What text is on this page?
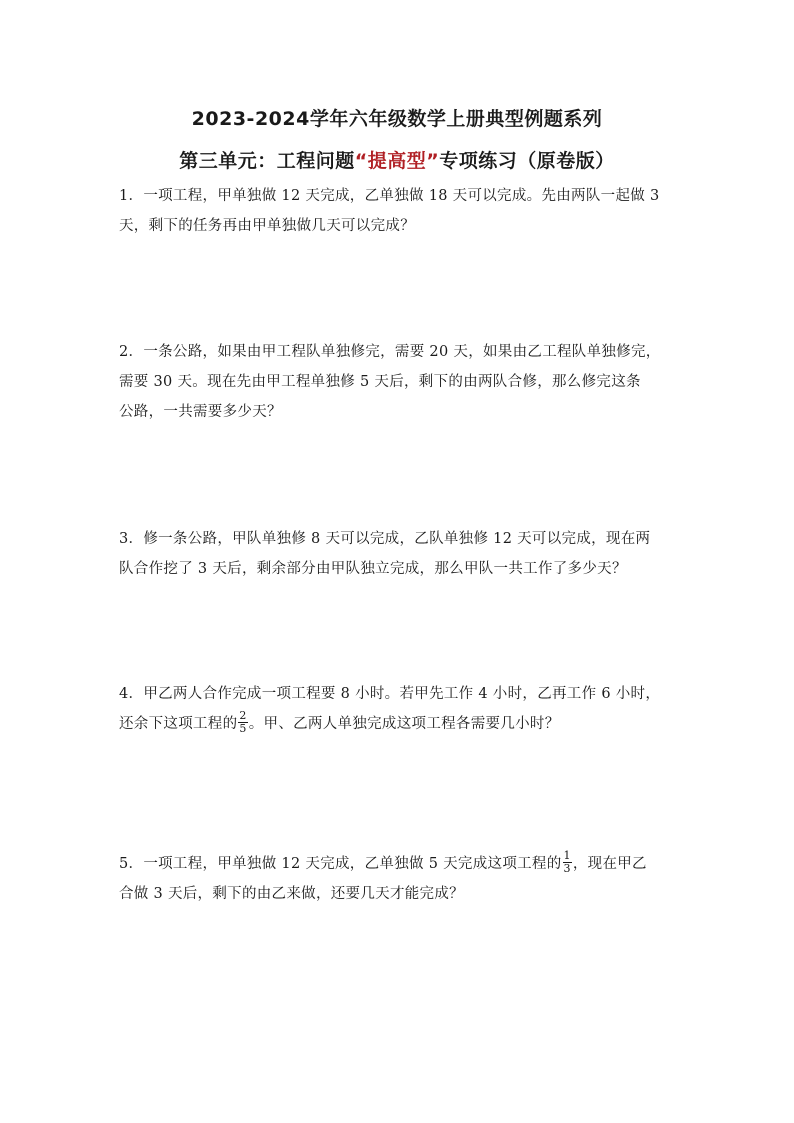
2023-2024学年六年级数学上册典型例题系列
第三单元：工程问题“提高型”专项练习（原卷版）
1．一项工程，甲单独做 12 天完成，乙单独做 18 天可以完成。先由两队一起做 3
天，剩下的任务再由甲单独做几天可以完成？
2．一条公路，如果由甲工程队单独修完，需要 20 天，如果由乙工程队单独修完，
需要 30 天。现在先由甲工程单独修 5 天后，剩下的由两队合修，那么修完这条
公路，一共需要多少天？
3．修一条公路，甲队单独修 8 天可以完成，乙队单独修 12 天可以完成，现在两
队合作挖了 3 天后，剩余部分由甲队独立完成，那么甲队一共工作了多少天？
4．甲乙两人合作完成一项工程要 8 小时。若甲先工作 4 小时，乙再工作 6 小时，
还余下这项工程的 $\frac{2}{5}$ 。甲、乙两人单独完成这项工程各需要几小时？
5．一项工程，甲单独做 12 天完成，乙单独做 5 天完成这项工程的 $\frac{1}{3}$ ，现在甲乙
合做 3 天后，剩下的由乙来做，还要几天才能完成？
